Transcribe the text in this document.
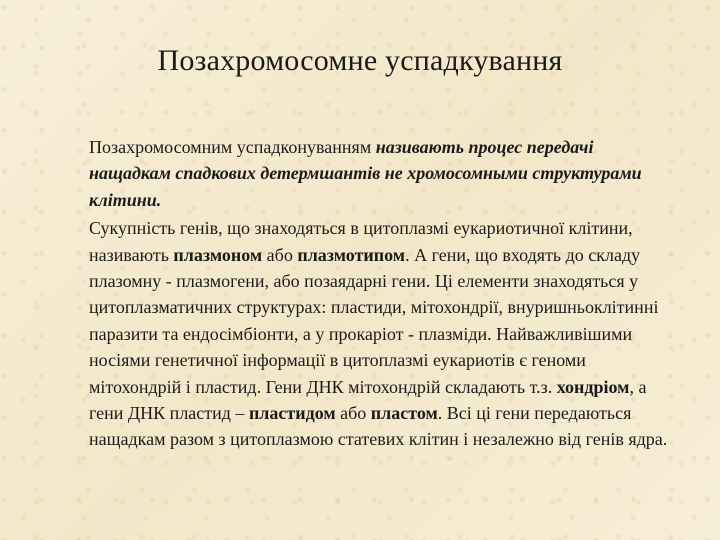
Позахромосомне успадкування

Позахромосомним успадконуванням називають процес передачі нащадкам спадкових детермшантів не хромосомными структурами клітини.

Сукупність генів, що знаходяться в цитоплазмі еукариотичної клітини, називають плазмоном або плазмотипом. А гени, що входять до складу плазомну - плазмогени, або позаядарні гени. Ці елементи знаходяться у цитоплазматичних структурах: пластиди, мітохондрії, внуришньоклітинні паразити та ендосімбіонти, а у прокаріот - плазміди. Найважливішими носіями генетичної інформації в цитоплазмі еукариотів є геноми мітохондрій і пластид. Гени ДНК мітохондрій складають т.з. хондріом, а гени ДНК пластид – пластидом або пластом. Всі ці гени передаються нащадкам разом з цитоплазмою статевих клітин і незалежно від генів ядра.
